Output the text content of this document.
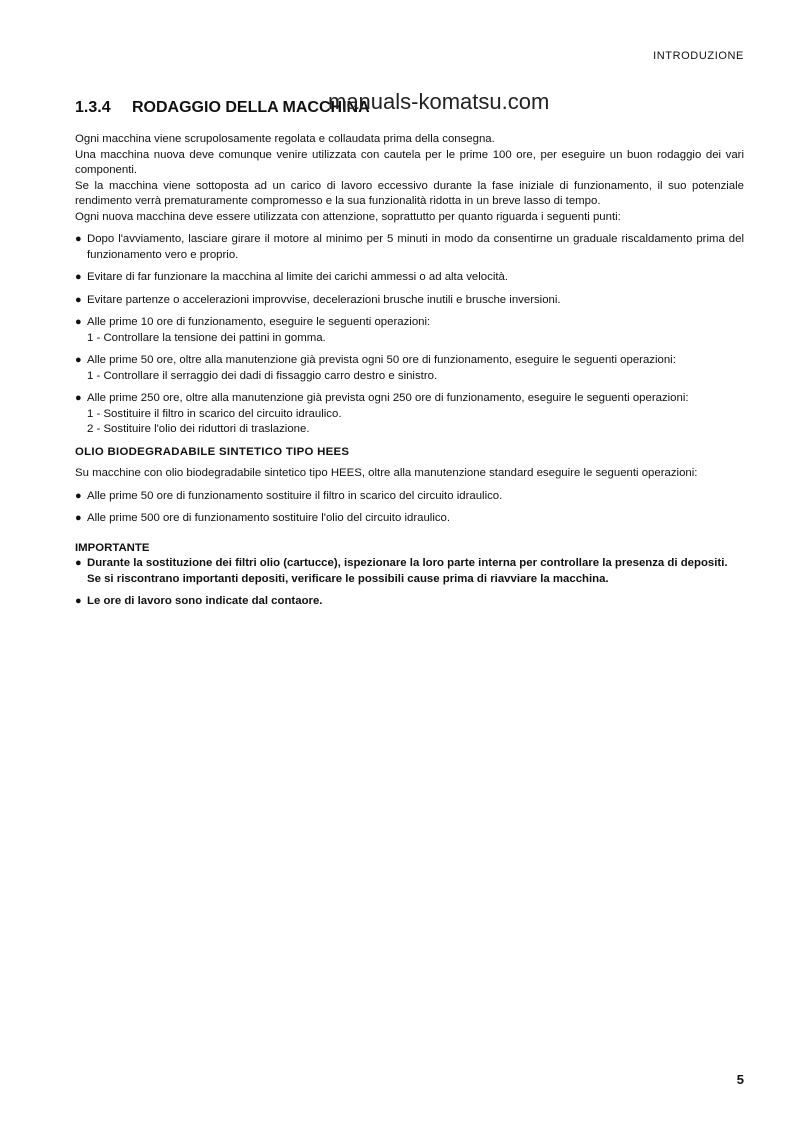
INTRODUZIONE
1.3.4 RODAGGIO DELLA MACCHINA
manuals-komatsu.com

Ogni macchina viene scrupolosamente regolata e collaudata prima della consegna.

Una macchina nuova deve comunque venire utilizzata con cautela per le prime 100 ore, per eseguire un buon rodaggio dei vari componenti.

Se la macchina viene sottoposta ad un carico di lavoro eccessivo durante la fase iniziale di funzionamento, il suo potenziale rendimento verrà prematuramente compromesso e la sua funzionalità ridotta in un breve lasso di tempo.

Ogni nuova macchina deve essere utilizzata con attenzione, soprattutto per quanto riguarda i seguenti punti:

● Dopo l'avviamento, lasciare girare il motore al minimo per 5 minuti in modo da consentirne un graduale riscaldamento prima del funzionamento vero e proprio.
● Evitare di far funzionare la macchina al limite dei carichi ammessi o ad alta velocità.
● Evitare partenze o accelerazioni improvvise, decelerazioni brusche inutili e brusche inversioni.
● Alle prime 10 ore di funzionamento, eseguire le seguenti operazioni:
1 - Controllare la tensione dei pattini in gomma.
● Alle prime 50 ore, oltre alla manutenzione già prevista ogni 50 ore di funzionamento, eseguire le seguenti operazioni:
1 - Controllare il serraggio dei dadi di fissaggio carro destro e sinistro.
● Alle prime 250 ore, oltre alla manutenzione già prevista ogni 250 ore di funzionamento, eseguire le seguenti operazioni:
1 - Sostituire il filtro in scarico del circuito idraulico.
2 - Sostituire l'olio dei riduttori di traslazione.
OLIO BIODEGRADABILE SINTETICO TIPO HEES

Su macchine con olio biodegradabile sintetico tipo HEES, oltre alla manutenzione standard eseguire le seguenti operazioni:

● Alle prime 50 ore di funzionamento sostituire il filtro in scarico del circuito idraulico.
● Alle prime 500 ore di funzionamento sostituire l'olio del circuito idraulico.
IMPORTANTE
● Durante la sostituzione dei filtri olio (cartucce), ispezionare la loro parte interna per controllare la presenza di depositi.
Se si riscontrano importanti depositi, verificare le possibili cause prima di riavviare la macchina.
● Le ore di lavoro sono indicate dal contaore.
5
